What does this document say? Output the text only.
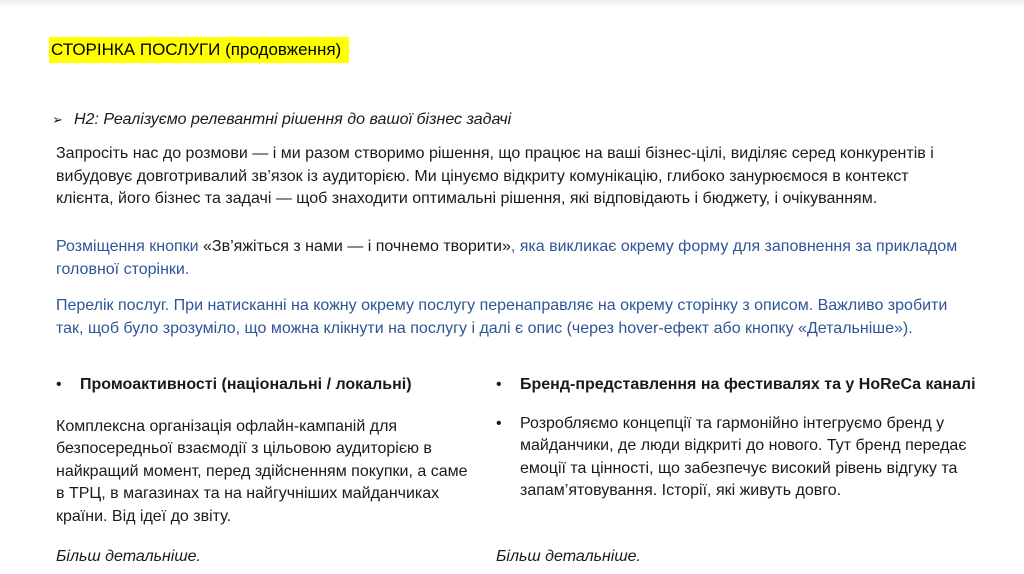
СТОРІНКА ПОСЛУГИ (продовження)
➢ H2: Реалізуємо релевантні рішення до вашої бізнес задачі
Запросіть нас до розмови — і ми разом створимо рішення, що працює на ваші бізнес-цілі, виділяє серед конкурентів і вибудовує довготривалий зв’язок із аудиторією. Ми цінуємо відкриту комунікацію, глибоко занурюємося в контекст клієнта, його бізнес та задачі — щоб знаходити оптимальні рішення, які відповідають і бюджету, і очікуванням.
Розміщення кнопки «Зв’яжіться з нами — і почнемо творити», яка викликає окрему форму для заповнення за прикладом головної сторінки.
Перелік послуг. При натисканні на кожну окрему послугу перенаправляє на окрему сторінку з описом. Важливо зробити так, щоб було зрозуміло, що можна клікнути на послугу і далі є опис (через hover-ефект або кнопку «Детальніше»).
•	Промоактивності (національні / локальні)
Комплексна організація офлайн-кампаній для безпосередньої взаємодії з цільовою аудиторією в найкращий момент, перед здійсненням покупки, а саме в ТРЦ, в магазинах та на найгучніших майданчиках країни. Від ідеї до звіту.
•	Бренд-представлення на фестивалях та у HoReCa каналі
•	Розробляємо концепції та гармонійно інтегруємо бренд у майданчики, де люди відкриті до нового. Тут бренд передає емоції та цінності, що забезпечує високий рівень відгуку та запам’ятовування. Історії, які живуть довго.
Більш детальніше.	Більш детальніше.
